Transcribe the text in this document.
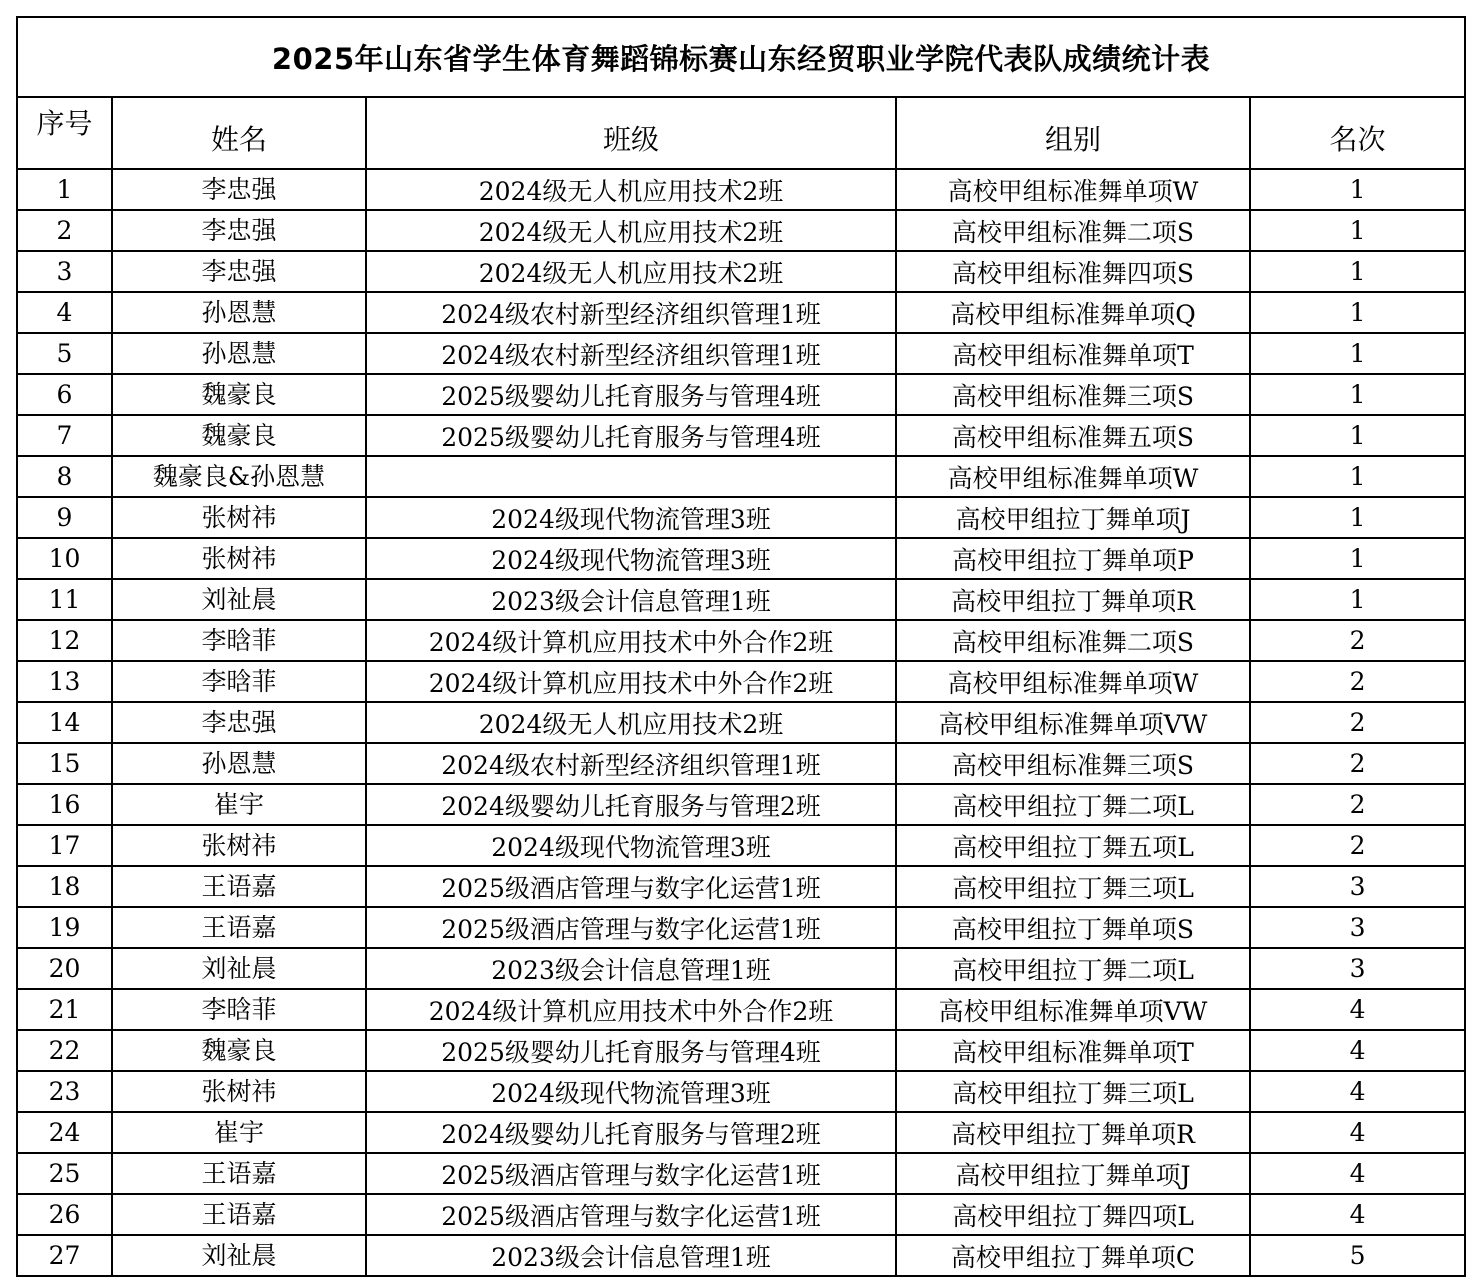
2025年山东省学生体育舞蹈锦标赛山东经贸职业学院代表队成绩统计表				
序号	姓名	班级	组别	名次
1	李忠强	2024级无人机应用技术2班	高校甲组标准舞单项W	1
2	李忠强	2024级无人机应用技术2班	高校甲组标准舞二项S	1
3	李忠强	2024级无人机应用技术2班	高校甲组标准舞四项S	1
4	孙恩慧	2024级农村新型经济组织管理1班	高校甲组标准舞单项Q	1
5	孙恩慧	2024级农村新型经济组织管理1班	高校甲组标准舞单项T	1
6	魏豪良	2025级婴幼儿托育服务与管理4班	高校甲组标准舞三项S	1
7	魏豪良	2025级婴幼儿托育服务与管理4班	高校甲组标准舞五项S	1
8	魏豪良&孙恩慧		高校甲组标准舞单项W	1
9	张树祎	2024级现代物流管理3班	高校甲组拉丁舞单项J	1
10	张树祎	2024级现代物流管理3班	高校甲组拉丁舞单项P	1
11	刘祉晨	2023级会计信息管理1班	高校甲组拉丁舞单项R	1
12	李晗菲	2024级计算机应用技术中外合作2班	高校甲组标准舞二项S	2
13	李晗菲	2024级计算机应用技术中外合作2班	高校甲组标准舞单项W	2
14	李忠强	2024级无人机应用技术2班	高校甲组标准舞单项VW	2
15	孙恩慧	2024级农村新型经济组织管理1班	高校甲组标准舞三项S	2
16	崔宇	2024级婴幼儿托育服务与管理2班	高校甲组拉丁舞二项L	2
17	张树祎	2024级现代物流管理3班	高校甲组拉丁舞五项L	2
18	王语嘉	2025级酒店管理与数字化运营1班	高校甲组拉丁舞三项L	3
19	王语嘉	2025级酒店管理与数字化运营1班	高校甲组拉丁舞单项S	3
20	刘祉晨	2023级会计信息管理1班	高校甲组拉丁舞二项L	3
21	李晗菲	2024级计算机应用技术中外合作2班	高校甲组标准舞单项VW	4
22	魏豪良	2025级婴幼儿托育服务与管理4班	高校甲组标准舞单项T	4
23	张树祎	2024级现代物流管理3班	高校甲组拉丁舞三项L	4
24	崔宇	2024级婴幼儿托育服务与管理2班	高校甲组拉丁舞单项R	4
25	王语嘉	2025级酒店管理与数字化运营1班	高校甲组拉丁舞单项J	4
26	王语嘉	2025级酒店管理与数字化运营1班	高校甲组拉丁舞四项L	4
27	刘祉晨	2023级会计信息管理1班	高校甲组拉丁舞单项C	5
